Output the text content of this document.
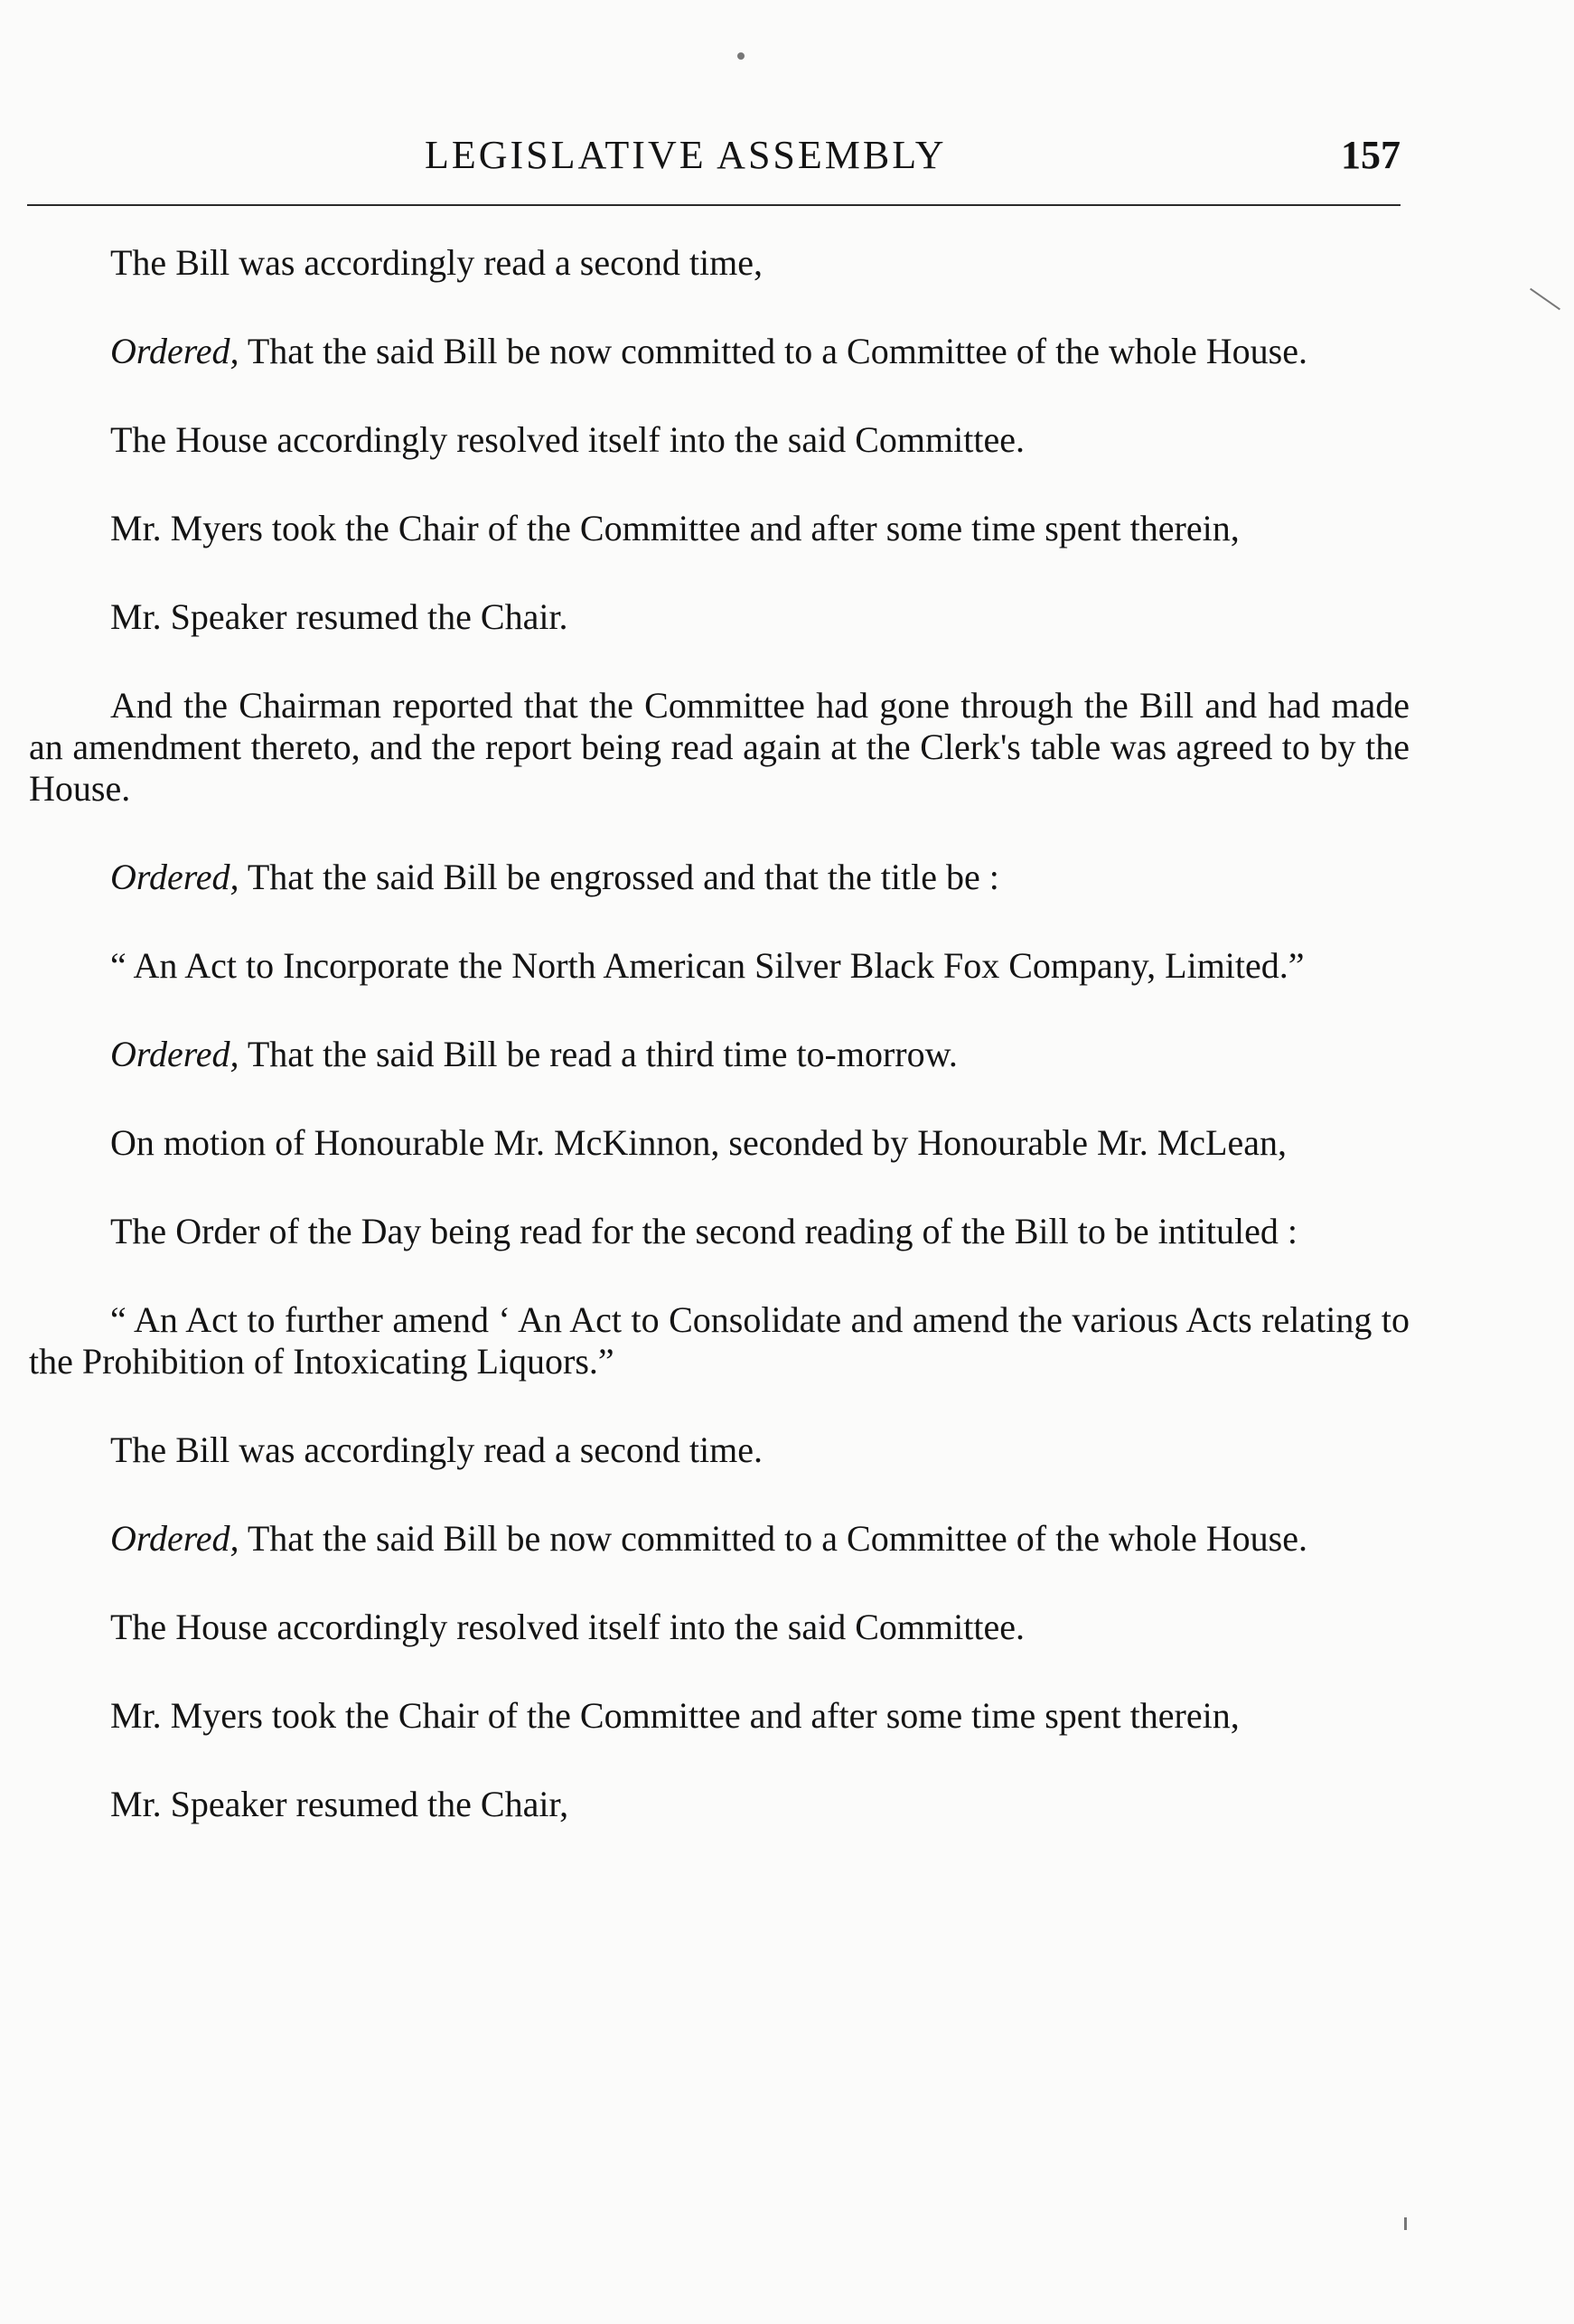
LEGISLATIVE ASSEMBLY	157

The Bill was accordingly read a second time,

Ordered, That the said Bill be now committed to a Committee of the whole House.

The House accordingly resolved itself into the said Committee.

Mr. Myers took the Chair of the Committee and after some time spent therein,

Mr. Speaker resumed the Chair.

And the Chairman reported that the Committee had gone through the Bill and had made an amendment thereto, and the report being read again at the Clerk's table was agreed to by the House.

Ordered, That the said Bill be engrossed and that the title be :

“ An Act to Incorporate the North American Silver Black Fox Company, Limited.”

Ordered, That the said Bill be read a third time to-morrow.

On motion of Honourable Mr. McKinnon, seconded by Honourable Mr. McLean,

The Order of the Day being read for the second reading of the Bill to be intituled :

“ An Act to further amend ‘ An Act to Consolidate and amend the various Acts relating to the Prohibition of Intoxicating Liquors.”

The Bill was accordingly read a second time.

Ordered, That the said Bill be now committed to a Committee of the whole House.

The House accordingly resolved itself into the said Committee.

Mr. Myers took the Chair of the Committee and after some time spent therein,

Mr. Speaker resumed the Chair,
